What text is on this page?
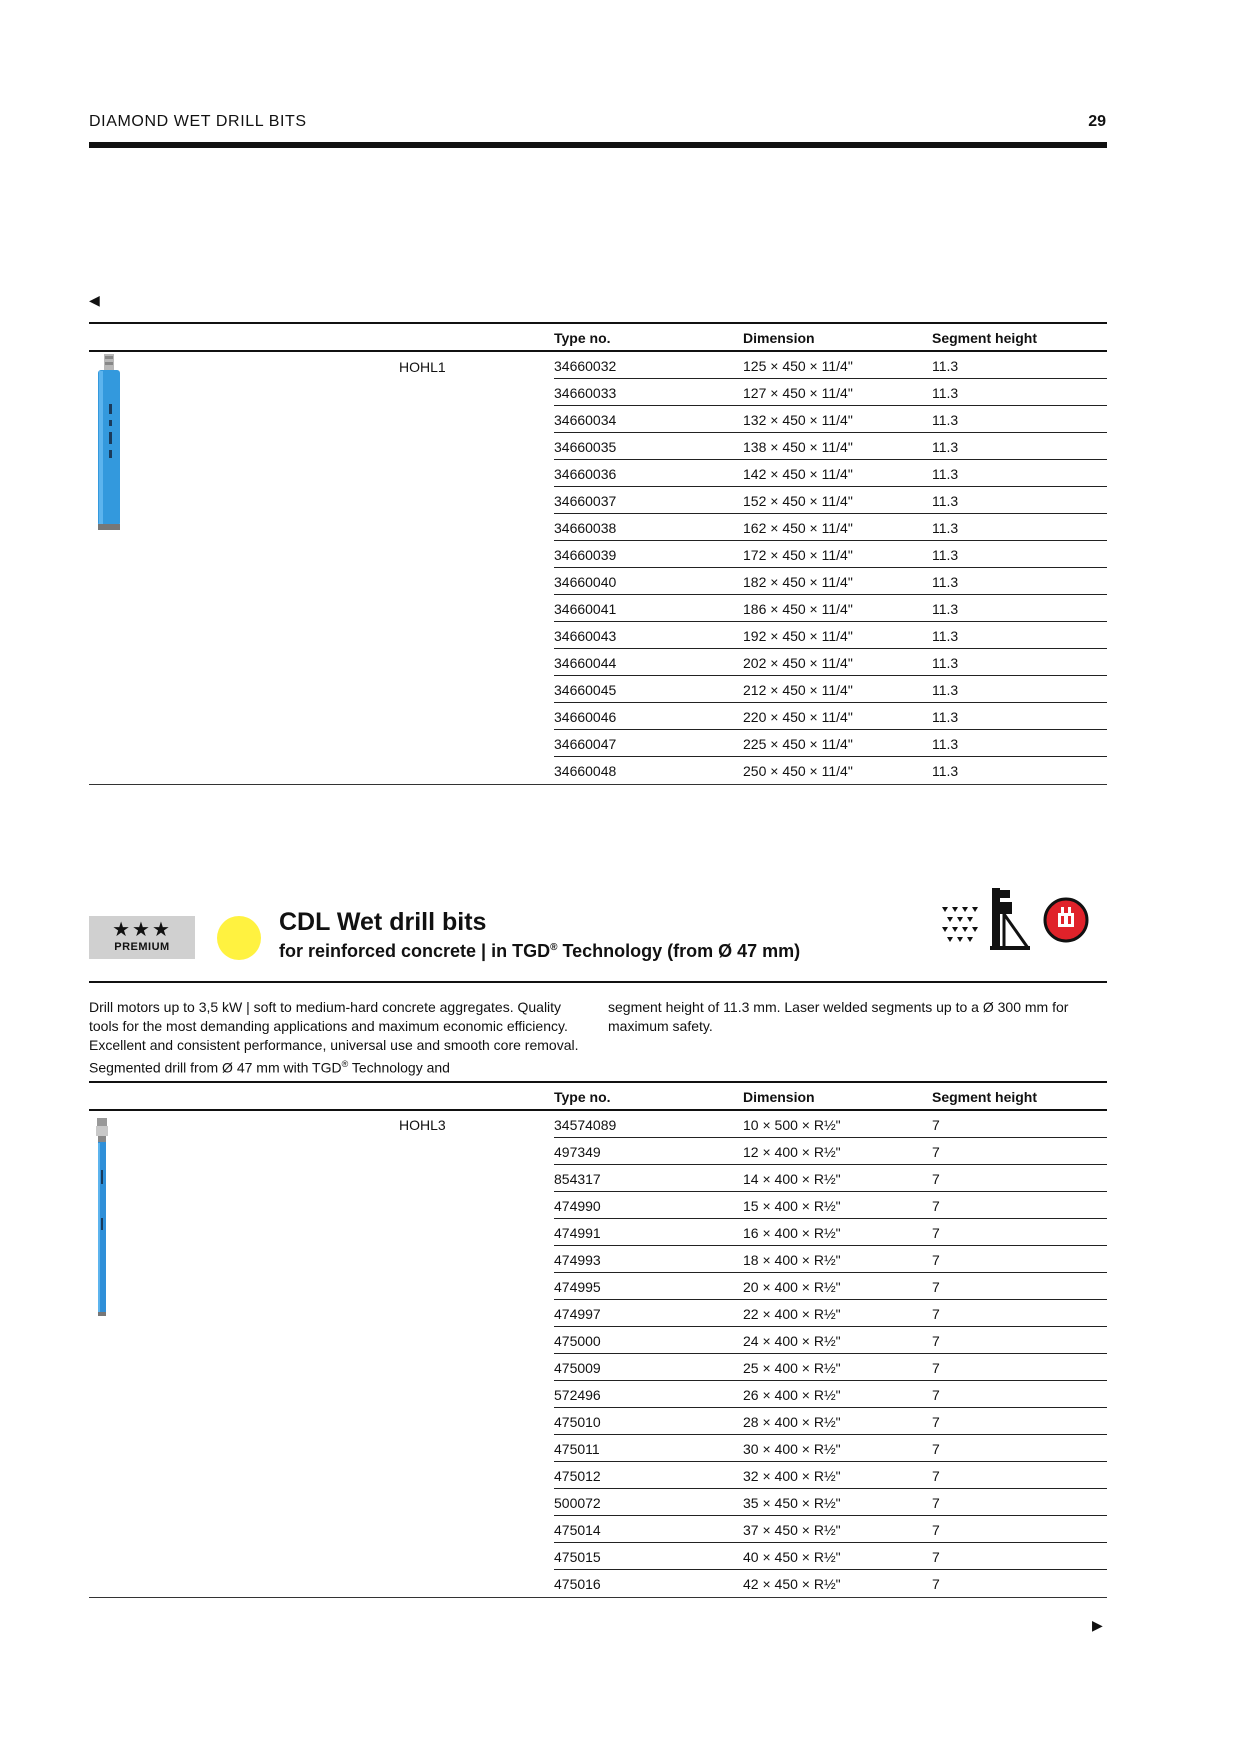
DIAMOND WET DRILL BITS	29
◀
Type no.	Dimension	Segment height
HOHL1	34660032	125 × 450 × 11/4"	11.3
34660033	127 × 450 × 11/4"	11.3
34660034	132 × 450 × 11/4"	11.3
34660035	138 × 450 × 11/4"	11.3
34660036	142 × 450 × 11/4"	11.3
34660037	152 × 450 × 11/4"	11.3
34660038	162 × 450 × 11/4"	11.3
34660039	172 × 450 × 11/4"	11.3
34660040	182 × 450 × 11/4"	11.3
34660041	186 × 450 × 11/4"	11.3
34660043	192 × 450 × 11/4"	11.3
34660044	202 × 450 × 11/4"	11.3
34660045	212 × 450 × 11/4"	11.3
34660046	220 × 450 × 11/4"	11.3
34660047	225 × 450 × 11/4"	11.3
34660048	250 × 450 × 11/4"	11.3
▶
★★★
PREMIUM
CDL Wet drill bits
for reinforced concrete | in TGD® Technology (from Ø 47 mm)
Drill motors up to 3,5 kW | soft to medium-hard concrete aggregates. Quality tools for the most demanding applications and maximum economic efficiency. Excellent and consistent performance, universal use and smooth core removal. Segmented drill from Ø 47 mm with TGD® Technology and
segment height of 11.3 mm. Laser welded segments up to a Ø 300 mm for maximum safety.
Type no.	Dimension	Segment height
HOHL3	34574089	10 × 500 × R½"	7
497349	12 × 400 × R½"	7
854317	14 × 400 × R½"	7
474990	15 × 400 × R½"	7
474991	16 × 400 × R½"	7
474993	18 × 400 × R½"	7
474995	20 × 400 × R½"	7
474997	22 × 400 × R½"	7
475000	24 × 400 × R½"	7
475009	25 × 400 × R½"	7
572496	26 × 400 × R½"	7
475010	28 × 400 × R½"	7
475011	30 × 400 × R½"	7
475012	32 × 400 × R½"	7
500072	35 × 450 × R½"	7
475014	37 × 450 × R½"	7
475015	40 × 450 × R½"	7
475016	42 × 450 × R½"	7
